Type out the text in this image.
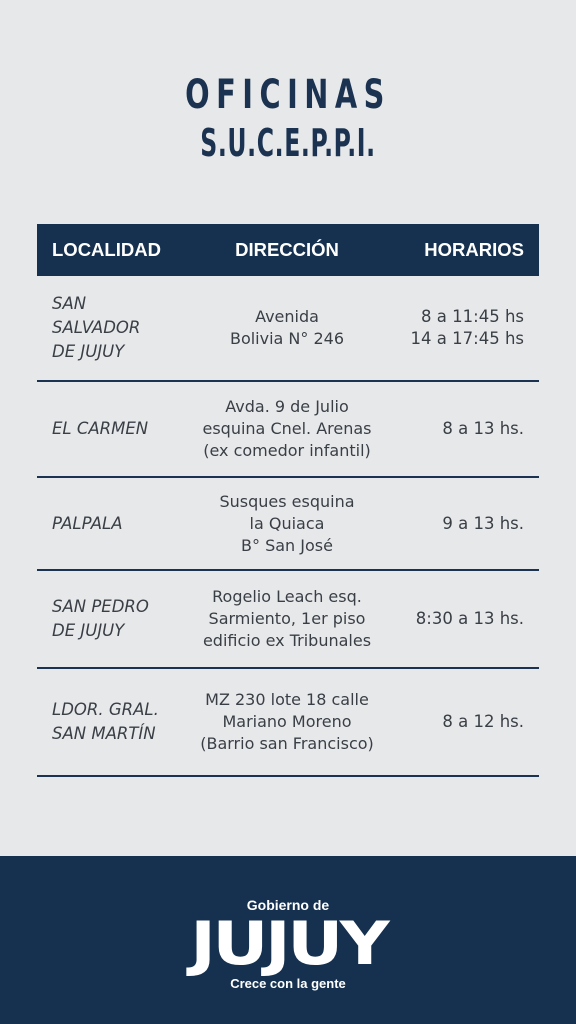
OFICINAS
S.U.C.E.P.P.I.
LOCALIDAD	DIRECCIÓN	HORARIOS
SAN
SALVADOR
DE JUJUY
Avenida
Bolivia N° 246
8 a 11:45 hs
14 a 17:45 hs
EL CARMEN
Avda. 9 de Julio
esquina Cnel. Arenas
(ex comedor infantil)
8 a 13 hs.
PALPALA
Susques esquina
la Quiaca
B° San José
9 a 13 hs.
SAN PEDRO
DE JUJUY
Rogelio Leach esq.
Sarmiento, 1er piso
edificio ex Tribunales
8:30 a 13 hs.
LDOR. GRAL.
SAN MARTÍN
MZ 230 lote 18 calle
Mariano Moreno
(Barrio san Francisco)
8 a 12 hs.
Gobierno de
JUJUY
Crece con la gente
